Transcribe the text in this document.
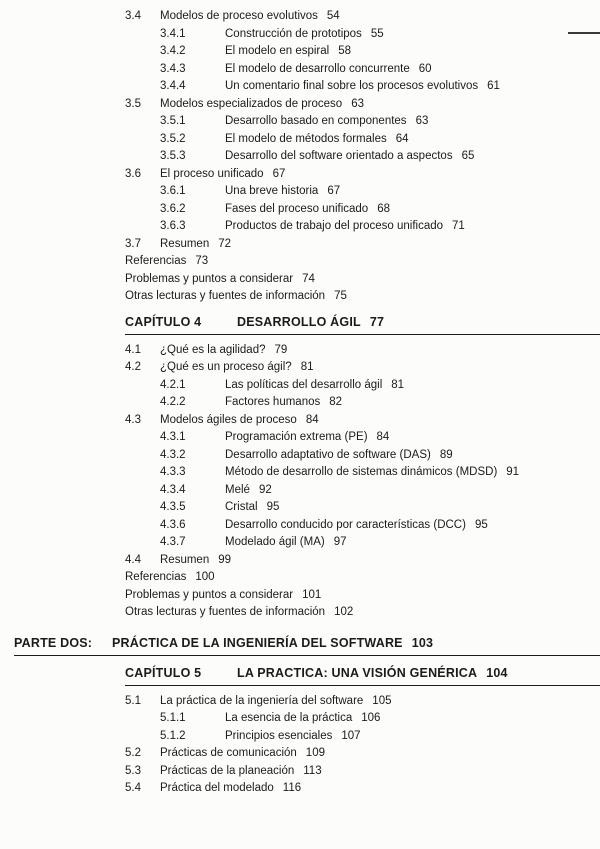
3.4 Modelos de proceso evolutivos 54
3.4.1	Construcción de prototipos 55
3.4.2	El modelo en espiral 58
3.4.3	El modelo de desarrollo concurrente 60
3.4.4	Un comentario final sobre los procesos evolutivos 61
3.5 Modelos especializados de proceso 63
3.5.1	Desarrollo basado en componentes 63
3.5.2	El modelo de métodos formales 64
3.5.3	Desarrollo del software orientado a aspectos 65
3.6 El proceso unificado 67
3.6.1	Una breve historia 67
3.6.2	Fases del proceso unificado 68
3.6.3	Productos de trabajo del proceso unificado 71
3.7 Resumen 72
Referencias 73
Problemas y puntos a considerar 74
Otras lecturas y fuentes de información 75
CAPÍTULO 4	DESARROLLO ÁGIL 77
4.1 ¿Qué es la agilidad? 79
4.2 ¿Qué es un proceso ágil? 81
4.2.1	Las políticas del desarrollo ágil 81
4.2.2	Factores humanos 82
4.3 Modelos ágiles de proceso 84
4.3.1	Programación extrema (PE) 84
4.3.2	Desarrollo adaptativo de software (DAS) 89
4.3.3	Método de desarrollo de sistemas dinámicos (MDSD) 91
4.3.4	Melé 92
4.3.5	Cristal 95
4.3.6	Desarrollo conducido por características (DCC) 95
4.3.7	Modelado ágil (MA) 97
4.4 Resumen 99
Referencias 100
Problemas y puntos a considerar 101
Otras lecturas y fuentes de información 102
PARTE DOS: PRÁCTICA DE LA INGENIERÍA DEL SOFTWARE 103
CAPÍTULO 5	LA PRACTICA: UNA VISIÓN GENÉRICA 104
5.1 La práctica de la ingeniería del software 105
5.1.1	La esencia de la práctica 106
5.1.2	Principios esenciales 107
5.2 Prácticas de comunicación 109
5.3 Prácticas de la planeación 113
5.4 Práctica del modelado 116
